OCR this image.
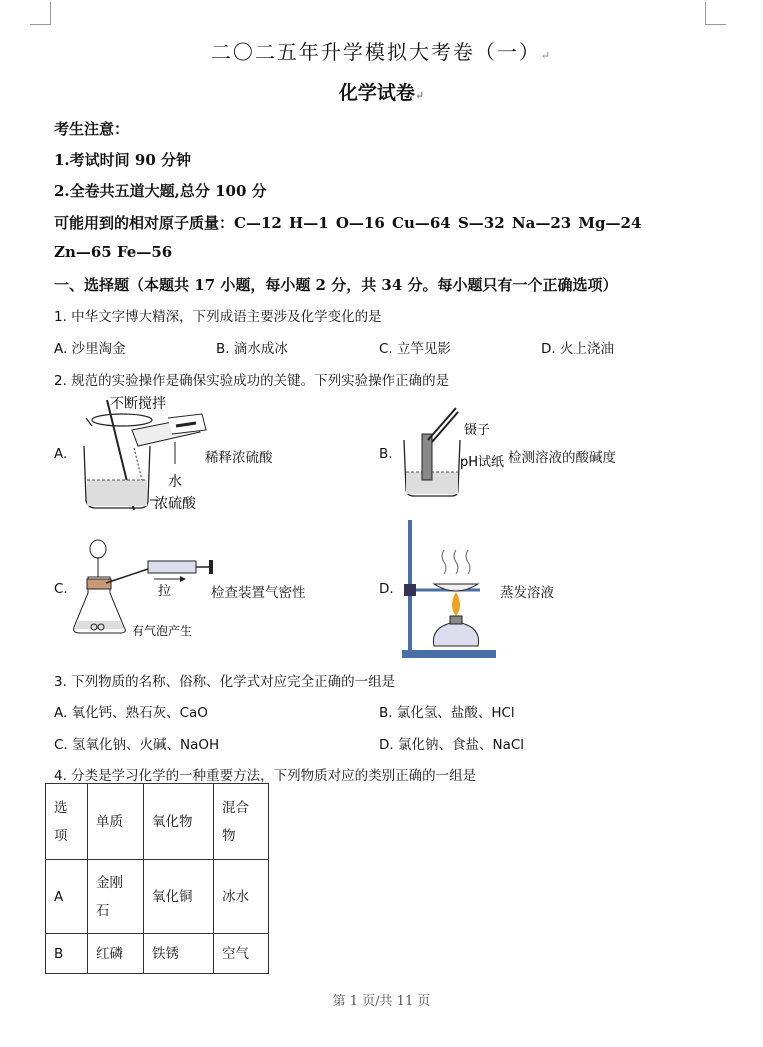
二〇二五年升学模拟大考卷（一）↵
化学试卷↵
考生注意：
1.考试时间 90 分钟
2.全卷共五道大题,总分 100 分
可能用到的相对原子质量：C—12 H—1 O—16 Cu—64 S—32 Na—23 Mg—24
Zn—65 Fe—56
一、选择题（本题共 17 小题，每小题 2 分，共 34 分。每小题只有一个正确选项）
1. 中华文字博大精深，下列成语主要涉及化学变化的是
A. 沙里淘金	B. 滴水成冰	C. 立竿见影	D. 火上浇油
2. 规范的实验操作是确保实验成功的关键。下列实验操作正确的是
A.
不断搅拌
水
浓硫酸
稀释浓硫酸	B.
镊子
pH试纸 检测溶液的酸碱度
C.	拉
有气泡产生
检查装置气密性	D.	蒸发溶液
3. 下列物质的名称、俗称、化学式对应完全正确的一组是
A. 氧化钙、熟石灰、CaO	B. 氯化氢、盐酸、HCl
C. 氢氧化钠、火碱、NaOH	D. 氯化钠、食盐、NaCl
4. 分类是学习化学的一种重要方法，下列物质对应的类别正确的一组是
选项	单质	氧化物	混合物
A	金刚石	氧化铜	冰水
B	红磷	铁锈	空气
第 1 页/共 11 页
